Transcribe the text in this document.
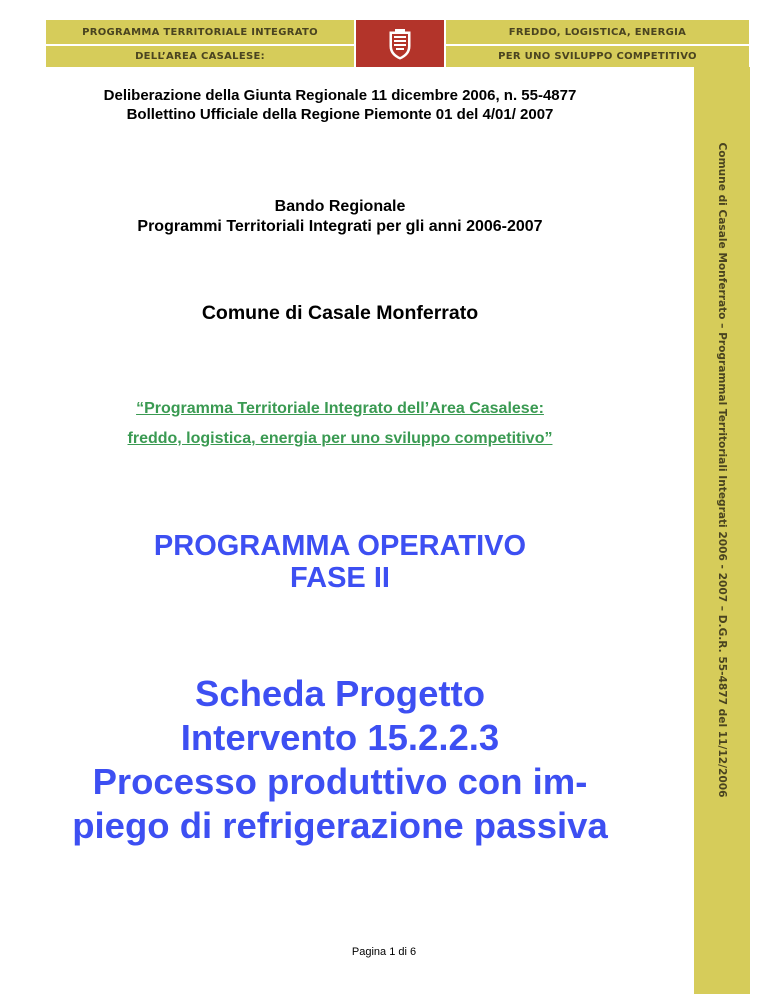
PROGRAMMA TERRITORIALE INTEGRATO
DELL’AREA CASALESE:
FREDDO, LOGISTICA, ENERGIA
PER UNO SVILUPPO COMPETITIVO
Comune di Casale Monferrato – Programmal Territoriali Integrati 2006 - 2007 – D.G.R. 55-4877 del 11/12/2006
Deliberazione della Giunta Regionale 11 dicembre 2006, n. 55-4877
Bollettino Ufficiale della Regione Piemonte 01 del 4/01/ 2007
Bando Regionale
Programmi Territoriali Integrati per gli anni 2006-2007
Comune di Casale Monferrato
“Programma Territoriale Integrato dell’Area Casalese:
freddo, logistica, energia per uno sviluppo competitivo”
PROGRAMMA OPERATIVO
FASE II
Scheda Progetto
Intervento 15.2.2.3
Processo produttivo con im-
piego di refrigerazione passiva
Pagina 1 di 6
